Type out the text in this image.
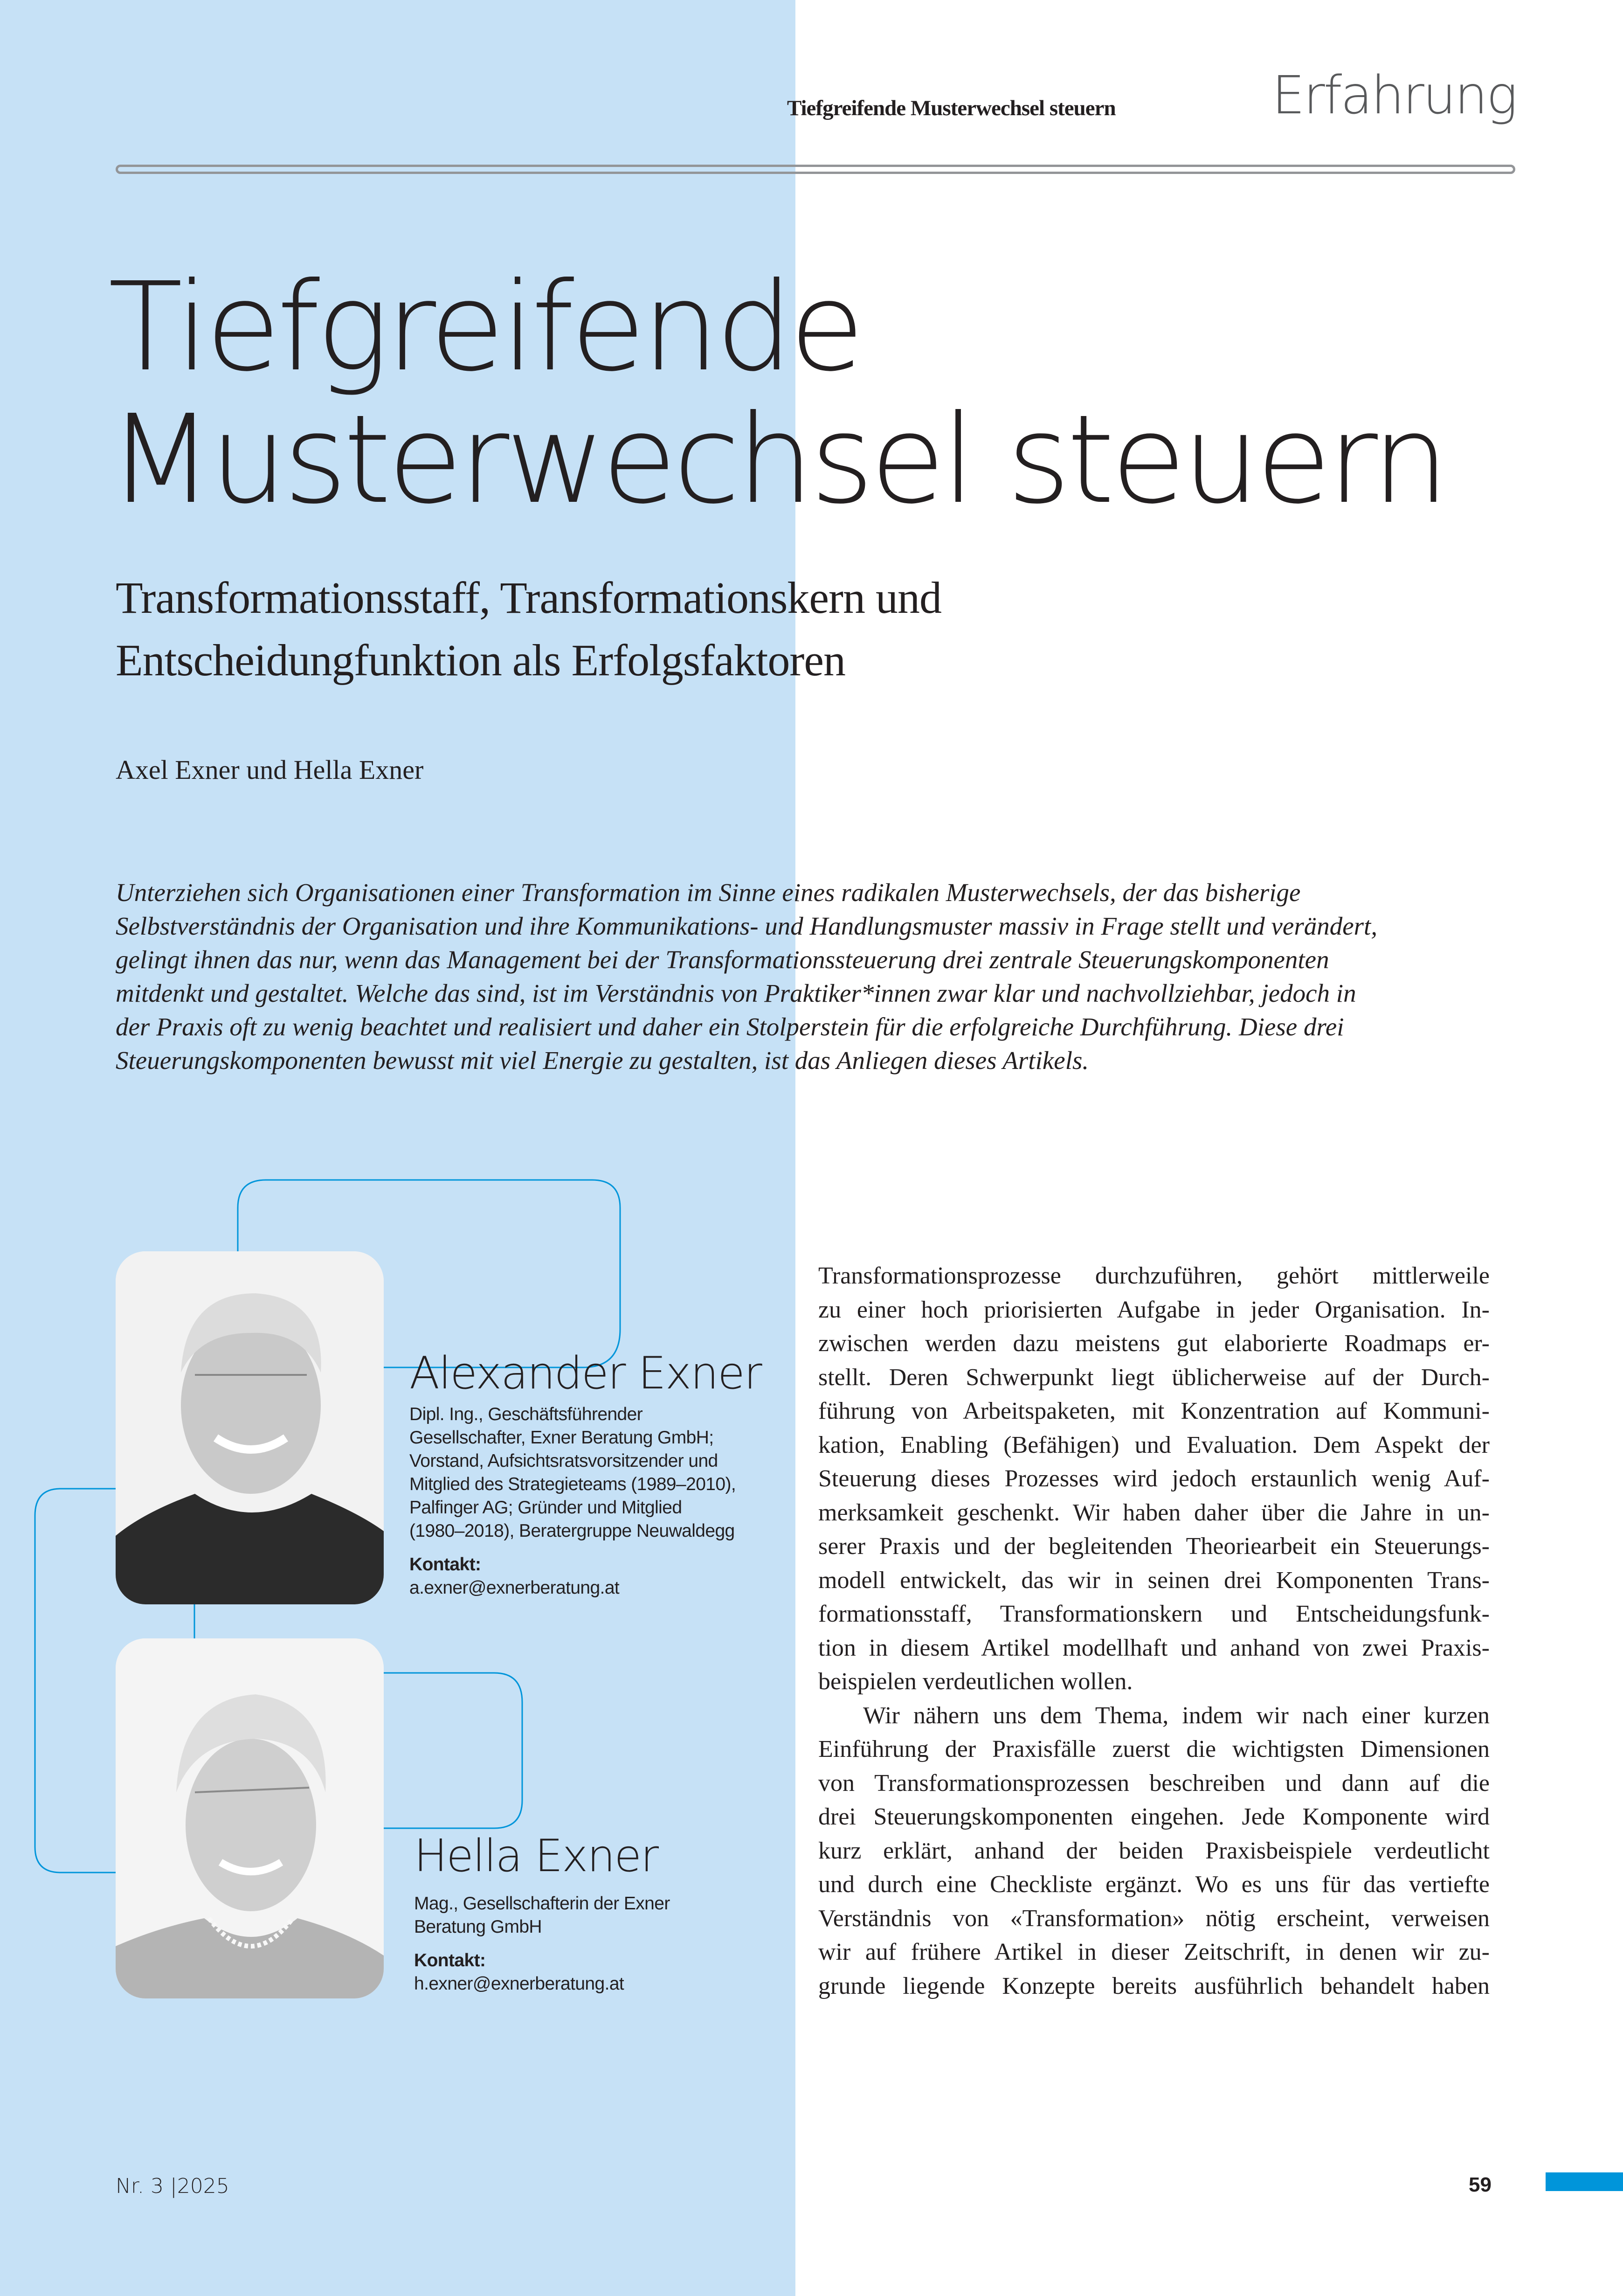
Tiefgreifende Musterwechsel steuern	Erfahrung
Tiefgreifende
Musterwechsel steuern
Transformationsstaff, Transformationskern und
Entscheidungfunktion als Erfolgsfaktoren
Axel Exner und Hella Exner

Unterziehen sich Organisationen einer Transformation im Sinne eines radikalen Musterwechsels, der das bisherige

Selbstverständnis der Organisation und ihre Kommunikations- und Handlungsmuster massiv in Frage stellt und verändert,

gelingt ihnen das nur, wenn das Management bei der Transformationssteuerung drei zentrale Steuerungskomponenten

mitdenkt und gestaltet. Welche das sind, ist im Verständnis von Praktiker*innen zwar klar und nachvollziehbar, jedoch in

der Praxis oft zu wenig beachtet und realisiert und daher ein Stolperstein für die erfolgreiche Durchführung. Diese drei

Steuerungskomponenten bewusst mit viel Energie zu gestalten, ist das Anliegen dieses Artikels.

Alexander Exner

Dipl. Ing., Geschäftsführender

Gesellschafter, Exner Beratung GmbH;

Vorstand, Aufsichtsratsvorsitzender und

Mitglied des Strategieteams (1989–2010),

Palfinger AG; Gründer und Mitglied

(1980–2018), Beratergruppe Neuwaldegg

Kontakt:
a.exner@exnerberatung.at
Hella Exner

Mag., Gesellschafterin der Exner

Beratung GmbH

Kontakt:
h.exner@exnerberatung.at

Transformationsprozesse durchzuführen, gehört mittlerweile

zu einer hoch priorisierten Aufgabe in jeder Organisation. In-

zwischen werden dazu meistens gut elaborierte Roadmaps er-

stellt. Deren Schwerpunkt liegt üblicherweise auf der Durch-

führung von Arbeitspaketen, mit Konzentration auf Kommuni-

kation, Enabling (Befähigen) und Evaluation. Dem Aspekt der

Steuerung dieses Prozesses wird jedoch erstaunlich wenig Auf-

merksamkeit geschenkt. Wir haben daher über die Jahre in un-

serer Praxis und der begleitenden Theoriearbeit ein Steuerungs-

modell entwickelt, das wir in seinen drei Komponenten Trans-

formationsstaff, Transformationskern und Entscheidungsfunk-

tion in diesem Artikel modellhaft und anhand von zwei Praxis-

beispielen verdeutlichen wollen.

Wir nähern uns dem Thema, indem wir nach einer kurzen

Einführung der Praxisfälle zuerst die wichtigsten Dimensionen

von Transformationsprozessen beschreiben und dann auf die

drei Steuerungskomponenten eingehen. Jede Komponente wird

kurz erklärt, anhand der beiden Praxisbeispiele verdeutlicht

und durch eine Checkliste ergänzt. Wo es uns für das vertiefte

Verständnis von «Transformation» nötig erscheint, verweisen

wir auf frühere Artikel in dieser Zeitschrift, in denen wir zu-

grunde liegende Konzepte bereits ausführlich behandelt haben

Nr. 3 |2025	59
